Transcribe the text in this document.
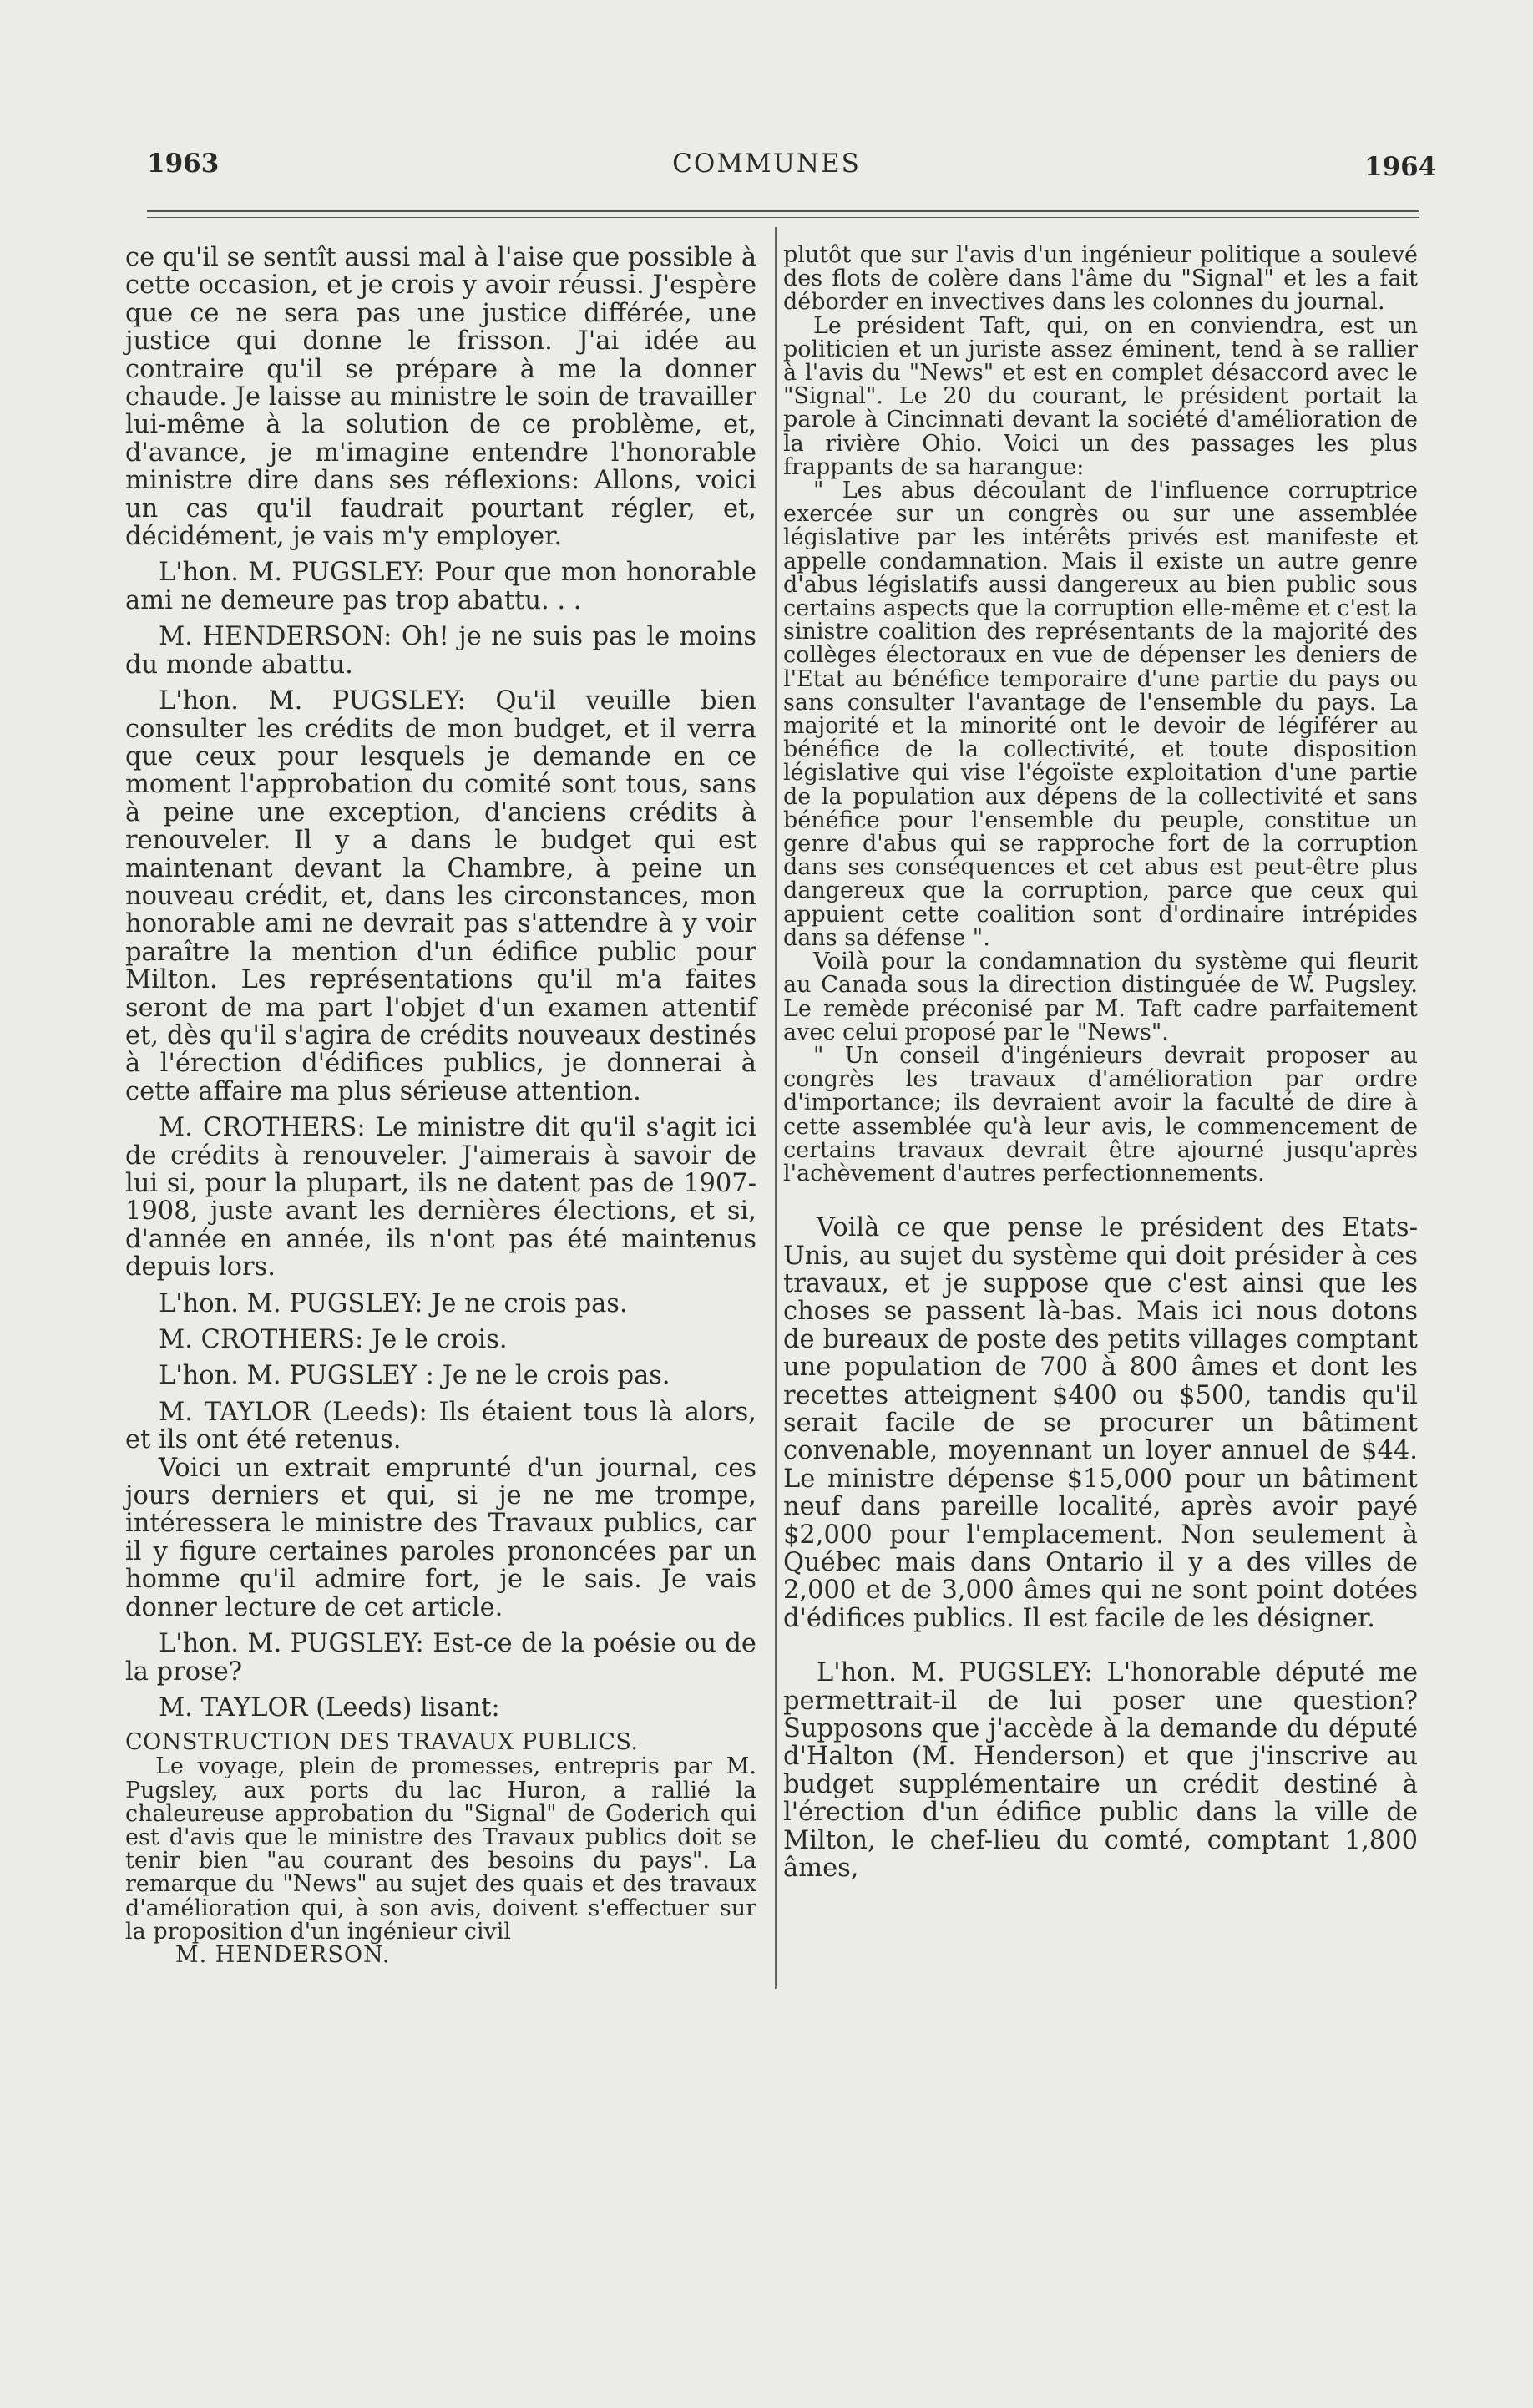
1963	COMMUNES	1964

ce qu'il se sentît aussi mal à l'aise que possible à cette occasion, et je crois y avoir réussi. J'espère que ce ne sera pas une justice différée, une justice qui donne le frisson. J'ai idée au contraire qu'il se prépare à me la donner chaude. Je laisse au ministre le soin de travailler lui-même à la solution de ce problème, et, d'avance, je m'imagine entendre l'honorable ministre dire dans ses réflexions: Allons, voici un cas qu'il faudrait pourtant régler, et, décidément, je vais m'y employer.

L'hon. M. PUGSLEY: Pour que mon honorable ami ne demeure pas trop abattu. . .

M. HENDERSON: Oh! je ne suis pas le moins du monde abattu.

L'hon. M. PUGSLEY: Qu'il veuille bien consulter les crédits de mon budget, et il verra que ceux pour lesquels je demande en ce moment l'approbation du comité sont tous, sans à peine une exception, d'anciens crédits à renouveler. Il y a dans le budget qui est maintenant devant la Chambre, à peine un nouveau crédit, et, dans les circonstances, mon honorable ami ne devrait pas s'attendre à y voir paraître la mention d'un édifice public pour Milton. Les représentations qu'il m'a faites seront de ma part l'objet d'un examen attentif et, dès qu'il s'agira de crédits nouveaux destinés à l'érection d'édifices publics, je donnerai à cette affaire ma plus sérieuse attention.

M. CROTHERS: Le ministre dit qu'il s'agit ici de crédits à renouveler. J'aimerais à savoir de lui si, pour la plupart, ils ne datent pas de 1907-1908, juste avant les dernières élections, et si, d'année en année, ils n'ont pas été maintenus depuis lors.

L'hon. M. PUGSLEY: Je ne crois pas.

M. CROTHERS: Je le crois.

L'hon. M. PUGSLEY : Je ne le crois pas.

M. TAYLOR (Leeds): Ils étaient tous là alors, et ils ont été retenus.

Voici un extrait emprunté d'un journal, ces jours derniers et qui, si je ne me trompe, intéressera le ministre des Travaux publics, car il y figure certaines paroles prononcées par un homme qu'il admire fort, je le sais. Je vais donner lecture de cet article.

L'hon. M. PUGSLEY: Est-ce de la poésie ou de la prose?

M. TAYLOR (Leeds) lisant:

CONSTRUCTION DES TRAVAUX PUBLICS.

Le voyage, plein de promesses, entrepris par M. Pugsley, aux ports du lac Huron, a rallié la chaleureuse approbation du "Signal" de Goderich qui est d'avis que le ministre des Travaux publics doit se tenir bien "au courant des besoins du pays". La remarque du "News" au sujet des quais et des travaux d'amélioration qui, à son avis, doivent s'effectuer sur la proposition d'un ingénieur civil

M. HENDERSON.

plutôt que sur l'avis d'un ingénieur politique a soulevé des flots de colère dans l'âme du "Signal" et les a fait déborder en invectives dans les colonnes du journal.

Le président Taft, qui, on en conviendra, est un politicien et un juriste assez éminent, tend à se rallier à l'avis du "News" et est en complet désaccord avec le "Signal". Le 20 du courant, le président portait la parole à Cincinnati devant la société d'amélioration de la rivière Ohio. Voici un des passages les plus frappants de sa harangue:

" Les abus découlant de l'influence corruptrice exercée sur un congrès ou sur une assemblée législative par les intérêts privés est manifeste et appelle condamnation. Mais il existe un autre genre d'abus législatifs aussi dangereux au bien public sous certains aspects que la corruption elle-même et c'est la sinistre coalition des représentants de la majorité des collèges électoraux en vue de dépenser les deniers de l'Etat au bénéfice temporaire d'une partie du pays ou sans consulter l'avantage de l'ensemble du pays. La majorité et la minorité ont le devoir de légiférer au bénéfice de la collectivité, et toute disposition législative qui vise l'égoïste exploitation d'une partie de la population aux dépens de la collectivité et sans bénéfice pour l'ensemble du peuple, constitue un genre d'abus qui se rapproche fort de la corruption dans ses conséquences et cet abus est peut-être plus dangereux que la corruption, parce que ceux qui appuient cette coalition sont d'ordinaire intrépides dans sa défense ".

Voilà pour la condamnation du système qui fleurit au Canada sous la direction distinguée de W. Pugsley. Le remède préconisé par M. Taft cadre parfaitement avec celui proposé par le "News".

" Un conseil d'ingénieurs devrait proposer au congrès les travaux d'amélioration par ordre d'importance; ils devraient avoir la faculté de dire à cette assemblée qu'à leur avis, le commencement de certains travaux devrait être ajourné jusqu'après l'achèvement d'autres perfectionnements.

Voilà ce que pense le président des Etats-Unis, au sujet du système qui doit présider à ces travaux, et je suppose que c'est ainsi que les choses se passent là-bas. Mais ici nous dotons de bureaux de poste des petits villages comptant une population de 700 à 800 âmes et dont les recettes atteignent $400 ou $500, tandis qu'il serait facile de se procurer un bâtiment convenable, moyennant un loyer annuel de $44. Le ministre dépense $15,000 pour un bâtiment neuf dans pareille localité, après avoir payé $2,000 pour l'emplacement. Non seulement à Québec mais dans Ontario il y a des villes de 2,000 et de 3,000 âmes qui ne sont point dotées d'édifices publics. Il est facile de les désigner.

L'hon. M. PUGSLEY: L'honorable député me permettrait-il de lui poser une question? Supposons que j'accède à la demande du député d'Halton (M. Henderson) et que j'inscrive au budget supplémentaire un crédit destiné à l'érection d'un édifice public dans la ville de Milton, le chef-lieu du comté, comptant 1,800 âmes,
